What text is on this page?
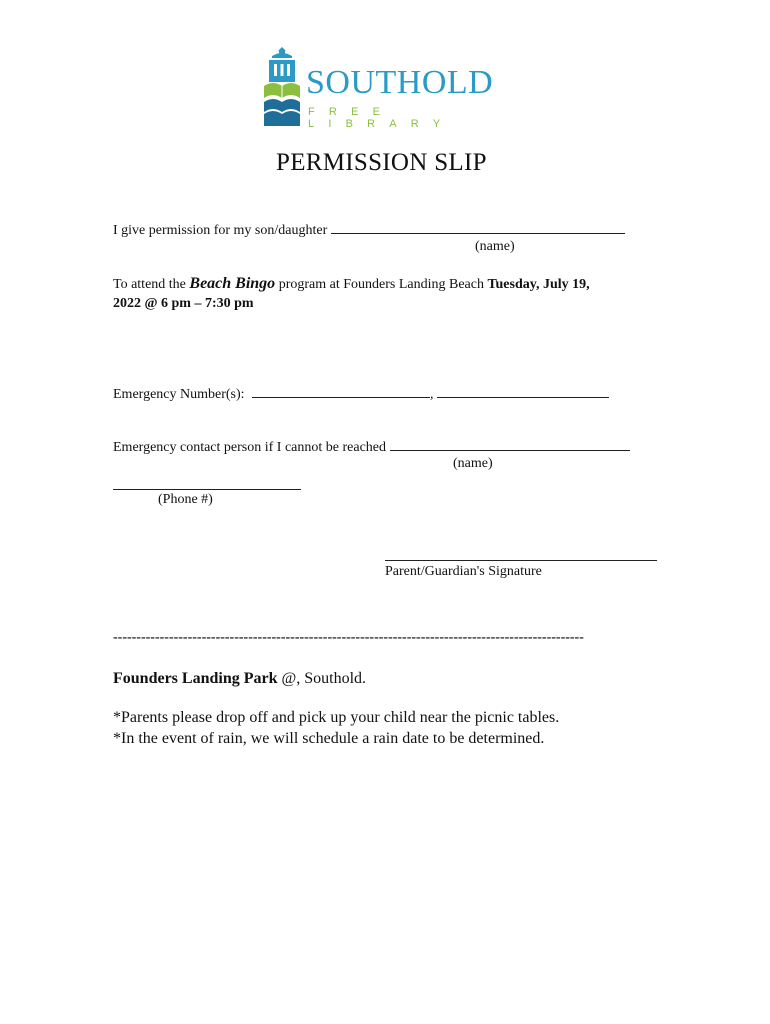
SOUTHOLD
FREE LIBRARY
PERMISSION SLIP
I give permission for my son/daughter
(name)
To attend the Beach Bingo program at Founders Landing Beach Tuesday, July 19,
2022 @ 6 pm – 7:30 pm
Emergency Number(s):	,
Emergency contact person if I cannot be reached
(name)
(Phone #)
Parent/Guardian's Signature
-----------------------------------------------------------------------------------------------------
Founders Landing Park @, Southold.
*Parents please drop off and pick up your child near the picnic tables.
*In the event of rain, we will schedule a rain date to be determined.
